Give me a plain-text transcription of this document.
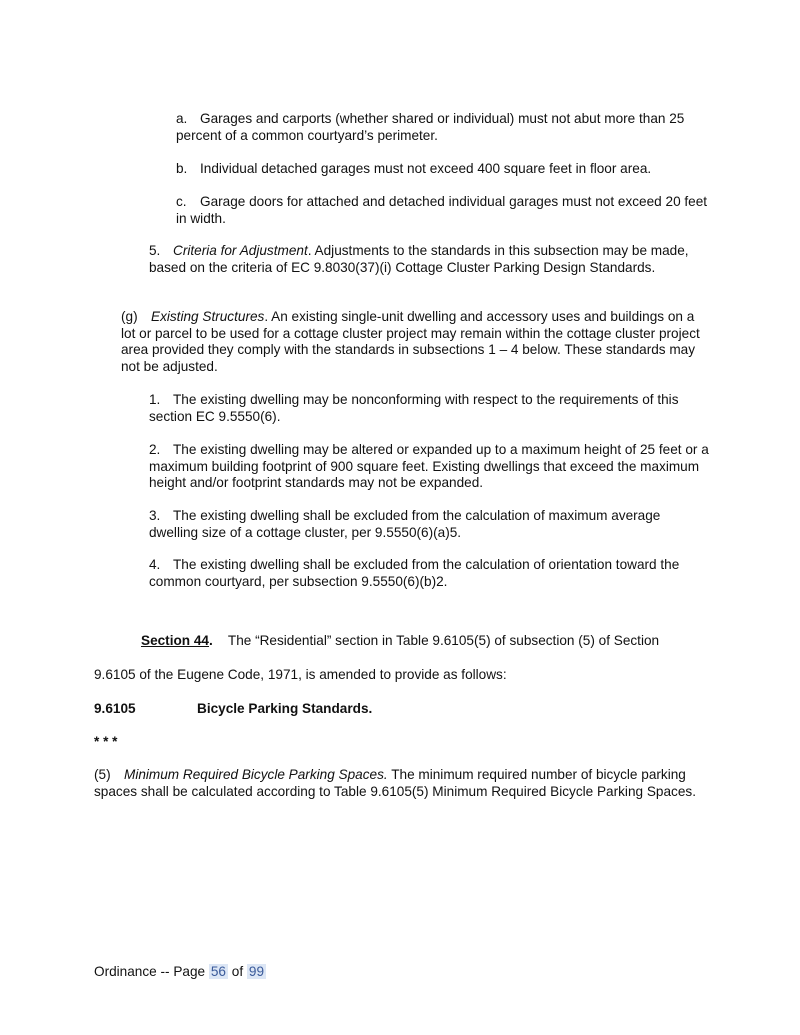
a. Garages and carports (whether shared or individual) must not abut more than 25 percent of a common courtyard’s perimeter.

b. Individual detached garages must not exceed 400 square feet in floor area.

c. Garage doors for attached and detached individual garages must not exceed 20 feet in width.

5. Criteria for Adjustment. Adjustments to the standards in this subsection may be made, based on the criteria of EC 9.8030(37)(i) Cottage Cluster Parking Design Standards.

(g) Existing Structures. An existing single-unit dwelling and accessory uses and buildings on a lot or parcel to be used for a cottage cluster project may remain within the cottage cluster project area provided they comply with the standards in subsections 1 – 4 below. These standards may not be adjusted.

1. The existing dwelling may be nonconforming with respect to the requirements of this section EC 9.5550(6).

2. The existing dwelling may be altered or expanded up to a maximum height of 25 feet or a maximum building footprint of 900 square feet. Existing dwellings that exceed the maximum height and/or footprint standards may not be expanded.

3. The existing dwelling shall be excluded from the calculation of maximum average dwelling size of a cottage cluster, per 9.5550(6)(a)5.

4. The existing dwelling shall be excluded from the calculation of orientation toward the common courtyard, per subsection 9.5550(6)(b)2.

Section 44. The “Residential” section in Table 9.6105(5) of subsection (5) of Section

9.6105 of the Eugene Code, 1971, is amended to provide as follows:

9.6105	Bicycle Parking Standards.

* * *

(5) Minimum Required Bicycle Parking Spaces. The minimum required number of bicycle parking spaces shall be calculated according to Table 9.6105(5) Minimum Required Bicycle Parking Spaces.

Ordinance -- Page 56 of 99
